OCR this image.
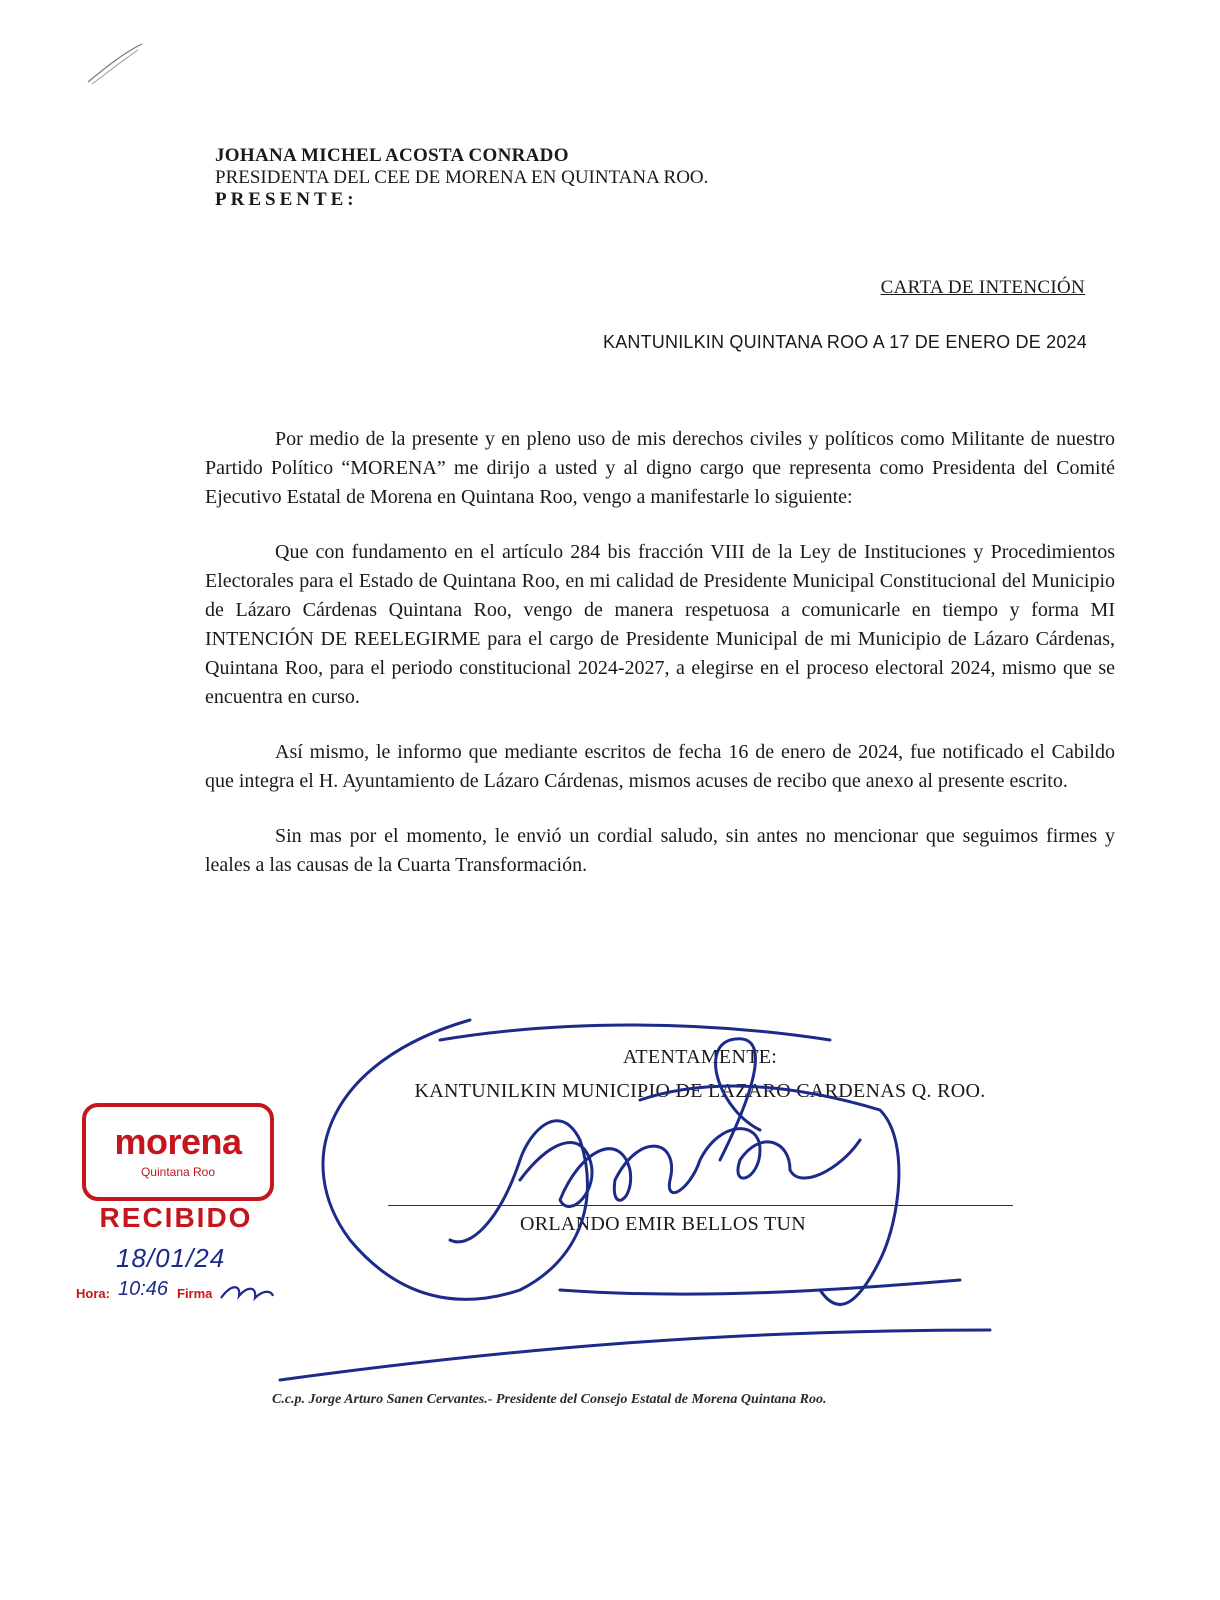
JOHANA MICHEL ACOSTA CONRADO
PRESIDENTA DEL CEE DE MORENA EN QUINTANA ROO.
PRESENTE:
CARTA DE INTENCIÓN
KANTUNILKIN QUINTANA ROO A 17 DE ENERO DE 2024

Por medio de la presente y en pleno uso de mis derechos civiles y políticos como Militante de nuestro Partido Político “MORENA” me dirijo a usted y al digno cargo que representa como Presidenta del Comité Ejecutivo Estatal de Morena en Quintana Roo, vengo a manifestarle lo siguiente:

Que con fundamento en el artículo 284 bis fracción VIII de la Ley de Instituciones y Procedimientos Electorales para el Estado de Quintana Roo, en mi calidad de Presidente Municipal Constitucional del Municipio de Lázaro Cárdenas Quintana Roo, vengo de manera respetuosa a comunicarle en tiempo y forma MI INTENCIÓN DE REELEGIRME para el cargo de Presidente Municipal de mi Municipio de Lázaro Cárdenas, Quintana Roo, para el periodo constitucional 2024-2027, a elegirse en el proceso electoral 2024, mismo que se encuentra en curso.

Así mismo, le informo que mediante escritos de fecha 16 de enero de 2024, fue notificado el Cabildo que integra el H. Ayuntamiento de Lázaro Cárdenas, mismos acuses de recibo que anexo al presente escrito.

Sin mas por el momento, le envió un cordial saludo, sin antes no mencionar que seguimos firmes y leales a las causas de la Cuarta Transformación.

ATENTAMENTE:
KANTUNILKIN MUNICIPIO DE LAZARO CARDENAS Q. ROO.
ORLANDO EMIR BELLOS TUN
C.c.p. Jorge Arturo Sanen Cervantes.- Presidente del Consejo Estatal de Morena Quintana Roo.
morena
Quintana Roo
RECIBIDO
18/01/24
Hora: 10:46 Firma
